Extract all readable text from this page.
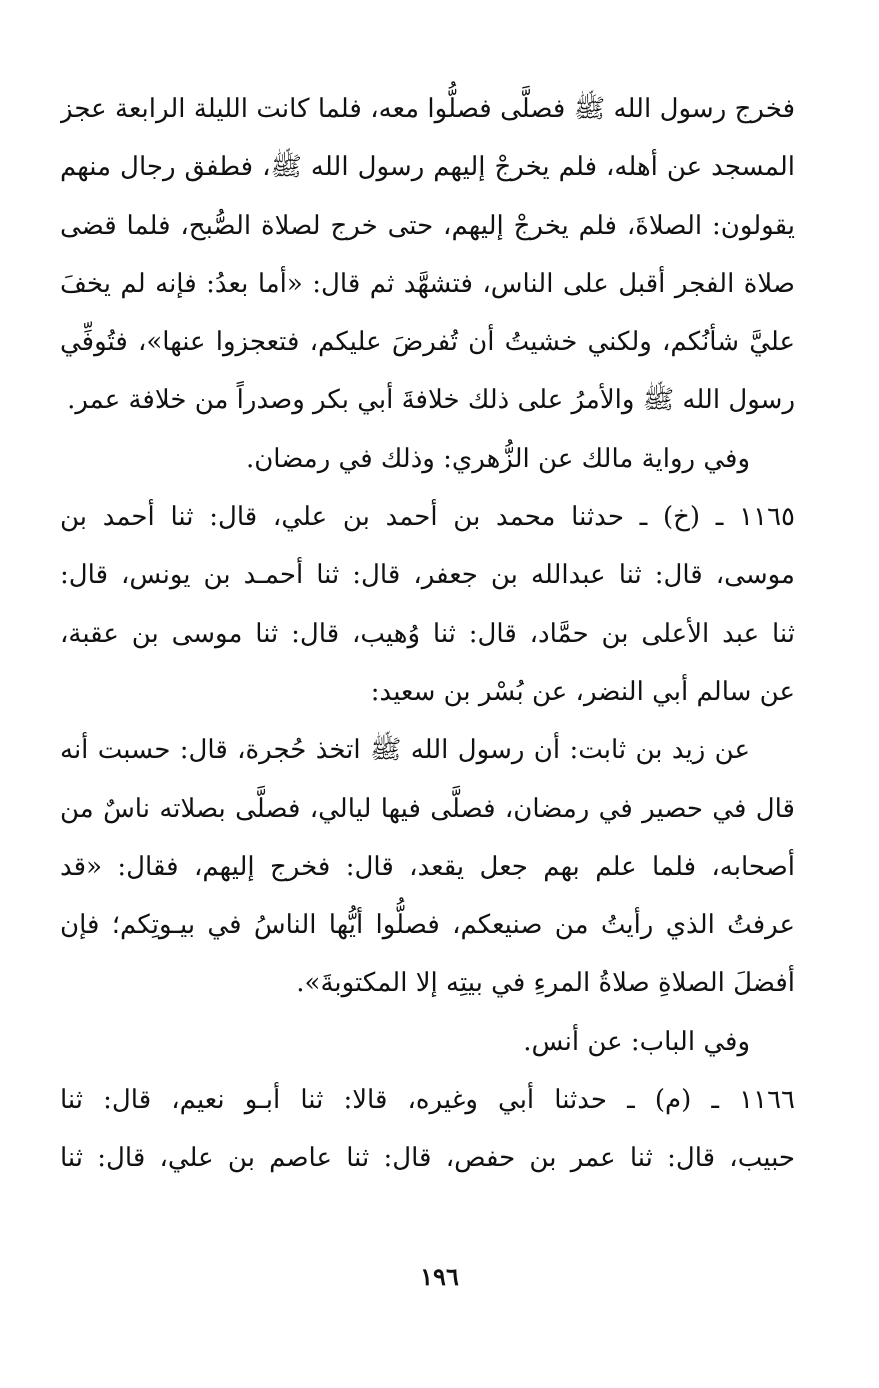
فخرج رسول الله ﷺ فصلَّى فصلُّوا معه، فلما كانت الليلة الرابعة عجز
المسجد عن أهله، فلم يخرجْ إليهم رسول الله ﷺ، فطفق رجال منهم
يقولون: الصلاةَ، فلم يخرجْ إليهم، حتى خرج لصلاة الصُّبح، فلما قضى
صلاة الفجر أقبل على الناس، فتشهَّد ثم قال: «أما بعدُ: فإنه لم يخفَ
عليَّ شأنُكم، ولكني خشيتُ أن تُفرضَ عليكم، فتعجزوا عنها»، فتُوفِّي
رسول الله ﷺ والأمرُ على ذلك خلافةَ أبي بكر وصدراً من خلافة عمر.
وفي رواية مالك عن الزُّهري: وذلك في رمضان.
١١٦٥ ـ (خ) ـ حدثنا محمد بن أحمد بن علي، قال: ثنا أحمد بن
موسى، قال: ثنا عبدالله بن جعفر، قال: ثنا أحمـد بن يونس، قال:
ثنا عبد الأعلى بن حمَّاد، قال: ثنا وُهيب، قال: ثنا موسى بن عقبة،
عن سالم أبي النضر، عن بُسْر بن سعيد:
عن زيد بن ثابت: أن رسول الله ﷺ اتخذ حُجرة، قال: حسبت أنه
قال في حصير في رمضان، فصلَّى فيها ليالي، فصلَّى بصلاته ناسٌ من
أصحابه، فلما علم بهم جعل يقعد، قال: فخرج إليهم، فقال: «قد
عرفتُ الذي رأيتُ من صنيعكم، فصلُّوا أيُّها الناسُ في بيـوتِكم؛ فإن
أفضلَ الصلاةِ صلاةُ المرءِ في بيتِه إلا المكتوبةَ».
وفي الباب: عن أنس.
١١٦٦ ـ (م) ـ حدثنا أبي وغيره، قالا: ثنا أبـو نعيم، قال: ثنا
حبيب، قال: ثنا عمر بن حفص، قال: ثنا عاصم بن علي، قال: ثنا
١٩٦
